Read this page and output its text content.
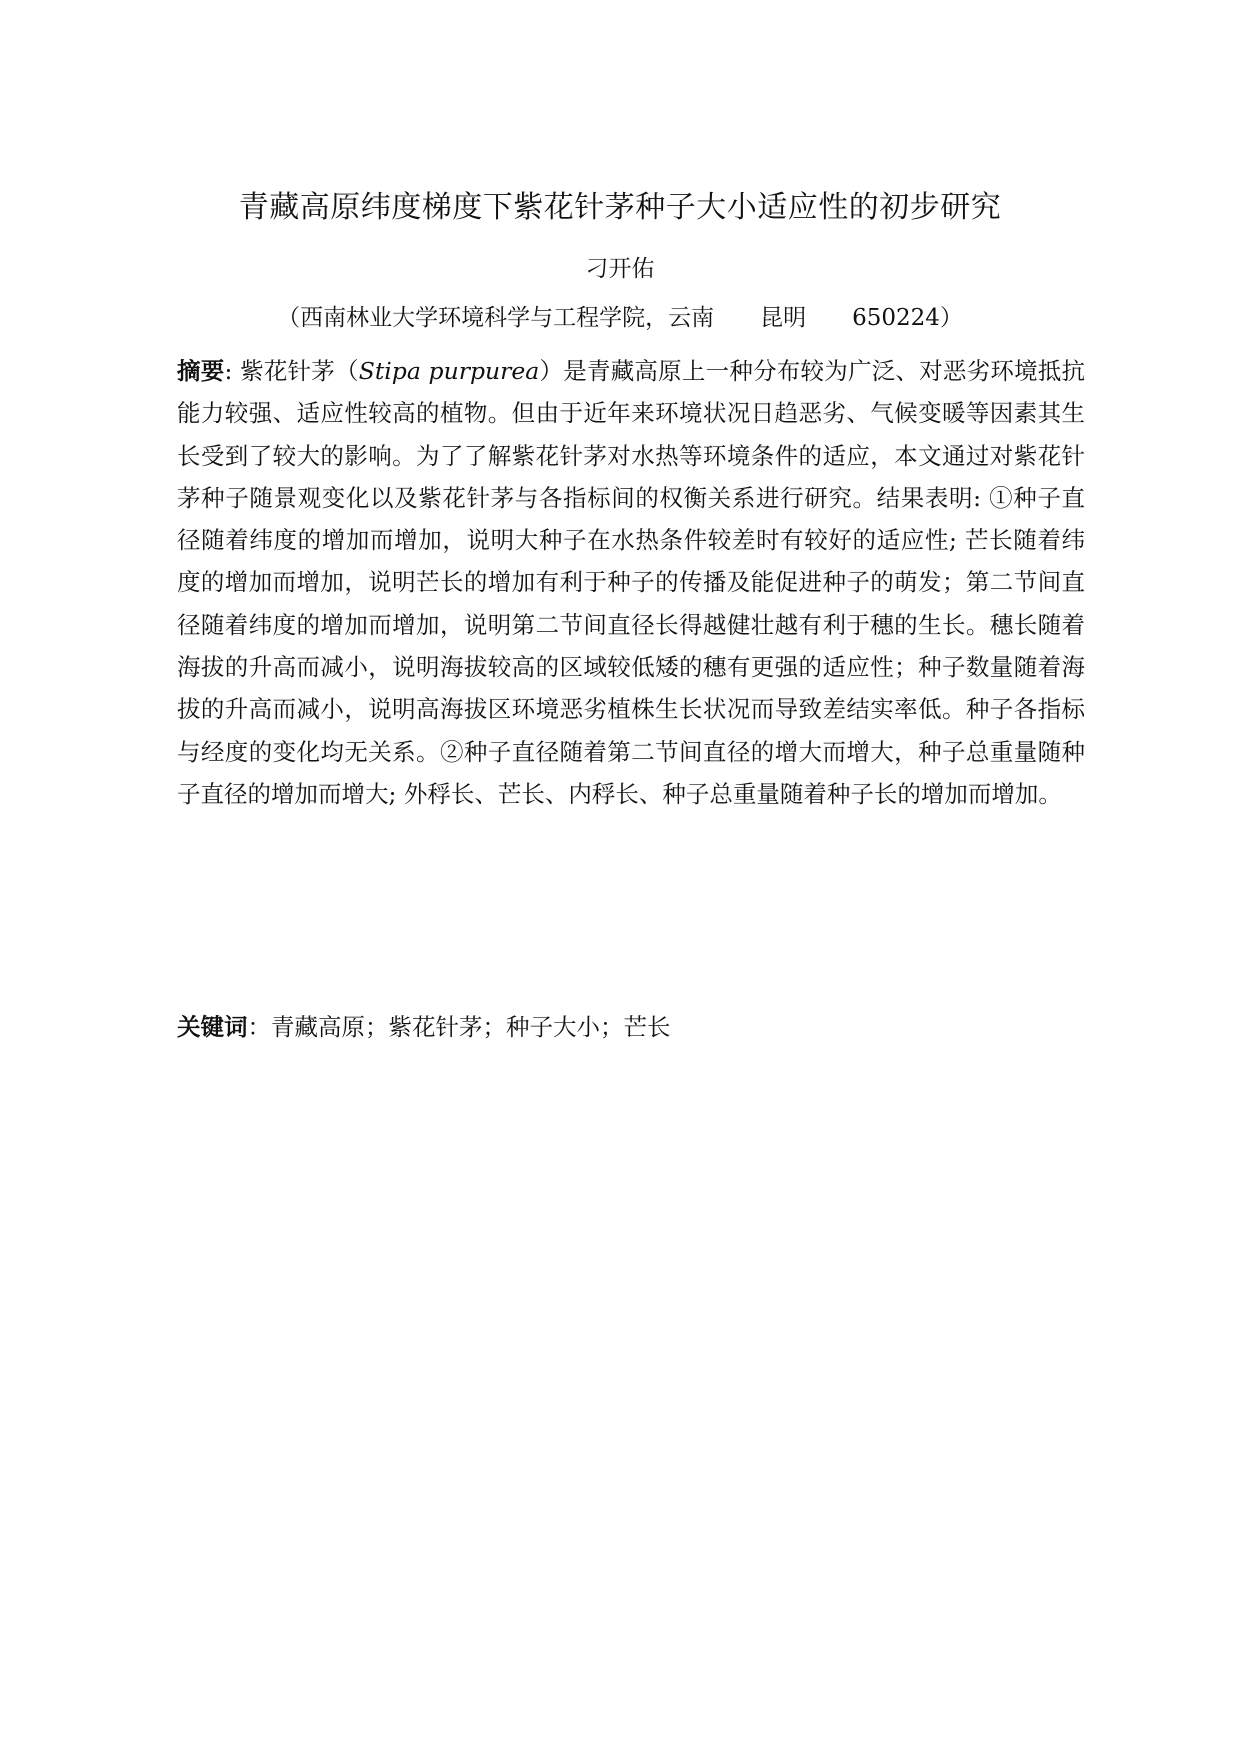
青藏高原纬度梯度下紫花针茅种子大小适应性的初步研究
刁开佑
（西南林业大学环境科学与工程学院，云南　　昆明　　650224）
摘要: 紫花针茅（Stipa purpurea）是青藏高原上一种分布较为广泛、对恶劣环境抵抗能力较强、适应性较高的植物。但由于近年来环境状况日趋恶劣、气候变暖等因素其生长受到了较大的影响。为了了解紫花针茅对水热等环境条件的适应，本文通过对紫花针茅种子随景观变化以及紫花针茅与各指标间的权衡关系进行研究。结果表明: ①种子直径随着纬度的增加而增加，说明大种子在水热条件较差时有较好的适应性; 芒长随着纬度的增加而增加，说明芒长的增加有利于种子的传播及能促进种子的萌发；第二节间直径随着纬度的增加而增加，说明第二节间直径长得越健壮越有利于穗的生长。穗长随着海拔的升高而减小，说明海拔较高的区域较低矮的穗有更强的适应性；种子数量随着海拔的升高而减小，说明高海拔区环境恶劣植株生长状况而导致差结实率低。种子各指标与经度的变化均无关系。②种子直径随着第二节间直径的增大而增大，种子总重量随种子直径的增加而增大; 外稃长、芒长、内稃长、种子总重量随着种子长的增加而增加。
关键词：青藏高原；紫花针茅；种子大小；芒长
